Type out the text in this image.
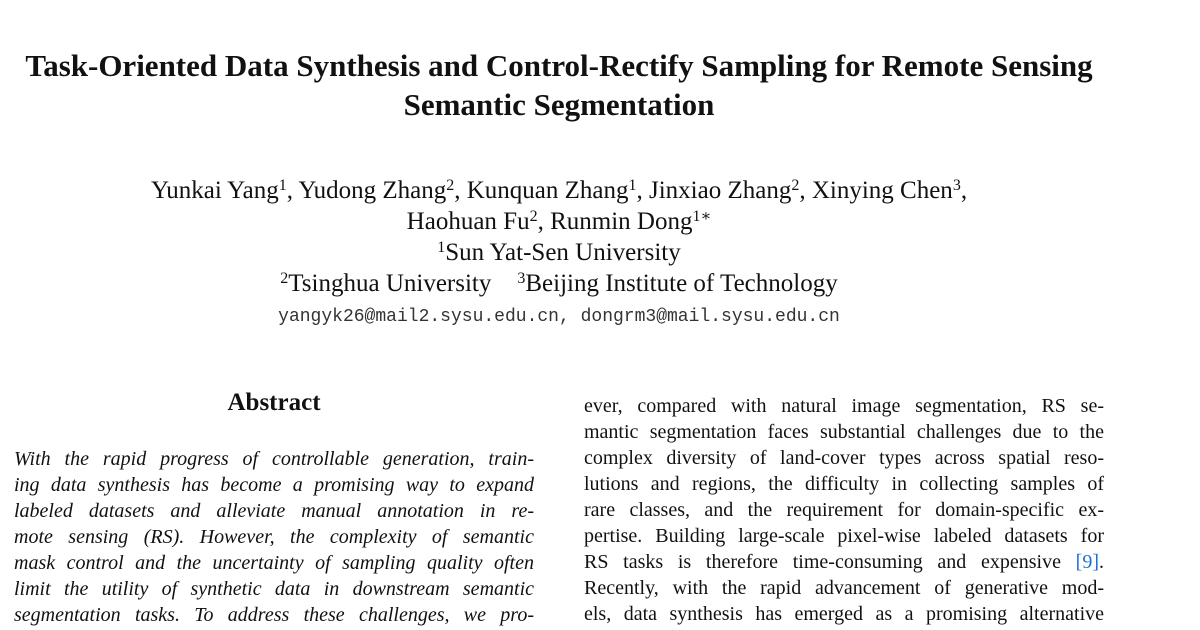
Task-Oriented Data Synthesis and Control-Rectify Sampling for Remote Sensing
Semantic Segmentation
Yunkai Yang$^1$, Yudong Zhang$^2$, Kunquan Zhang$^1$, Jinxiao Zhang$^2$, Xinying Chen$^3$,
Haohuan Fu$^2$, Runmin Dong$^{1∗}$
$^1$Sun Yat-Sen University
$^2$Tsinghua University $^3$Beijing Institute of Technology
yangyk26@mail2.sysu.edu.cn, dongrm3@mail.sysu.edu.cn
Abstract
With the rapid progress of controllable generation, train-
ing data synthesis has become a promising way to expand
labeled datasets and alleviate manual annotation in re-
mote sensing (RS). However, the complexity of semantic
mask control and the uncertainty of sampling quality often
limit the utility of synthetic data in downstream semantic
segmentation tasks. To address these challenges, we pro-
ever, compared with natural image segmentation, RS se-
mantic segmentation faces substantial challenges due to the
complex diversity of land-cover types across spatial reso-
lutions and regions, the difficulty in collecting samples of
rare classes, and the requirement for domain-specific ex-
pertise. Building large-scale pixel-wise labeled datasets for
RS tasks is therefore time-consuming and expensive [9].
Recently, with the rapid advancement of generative mod-
els, data synthesis has emerged as a promising alternative
